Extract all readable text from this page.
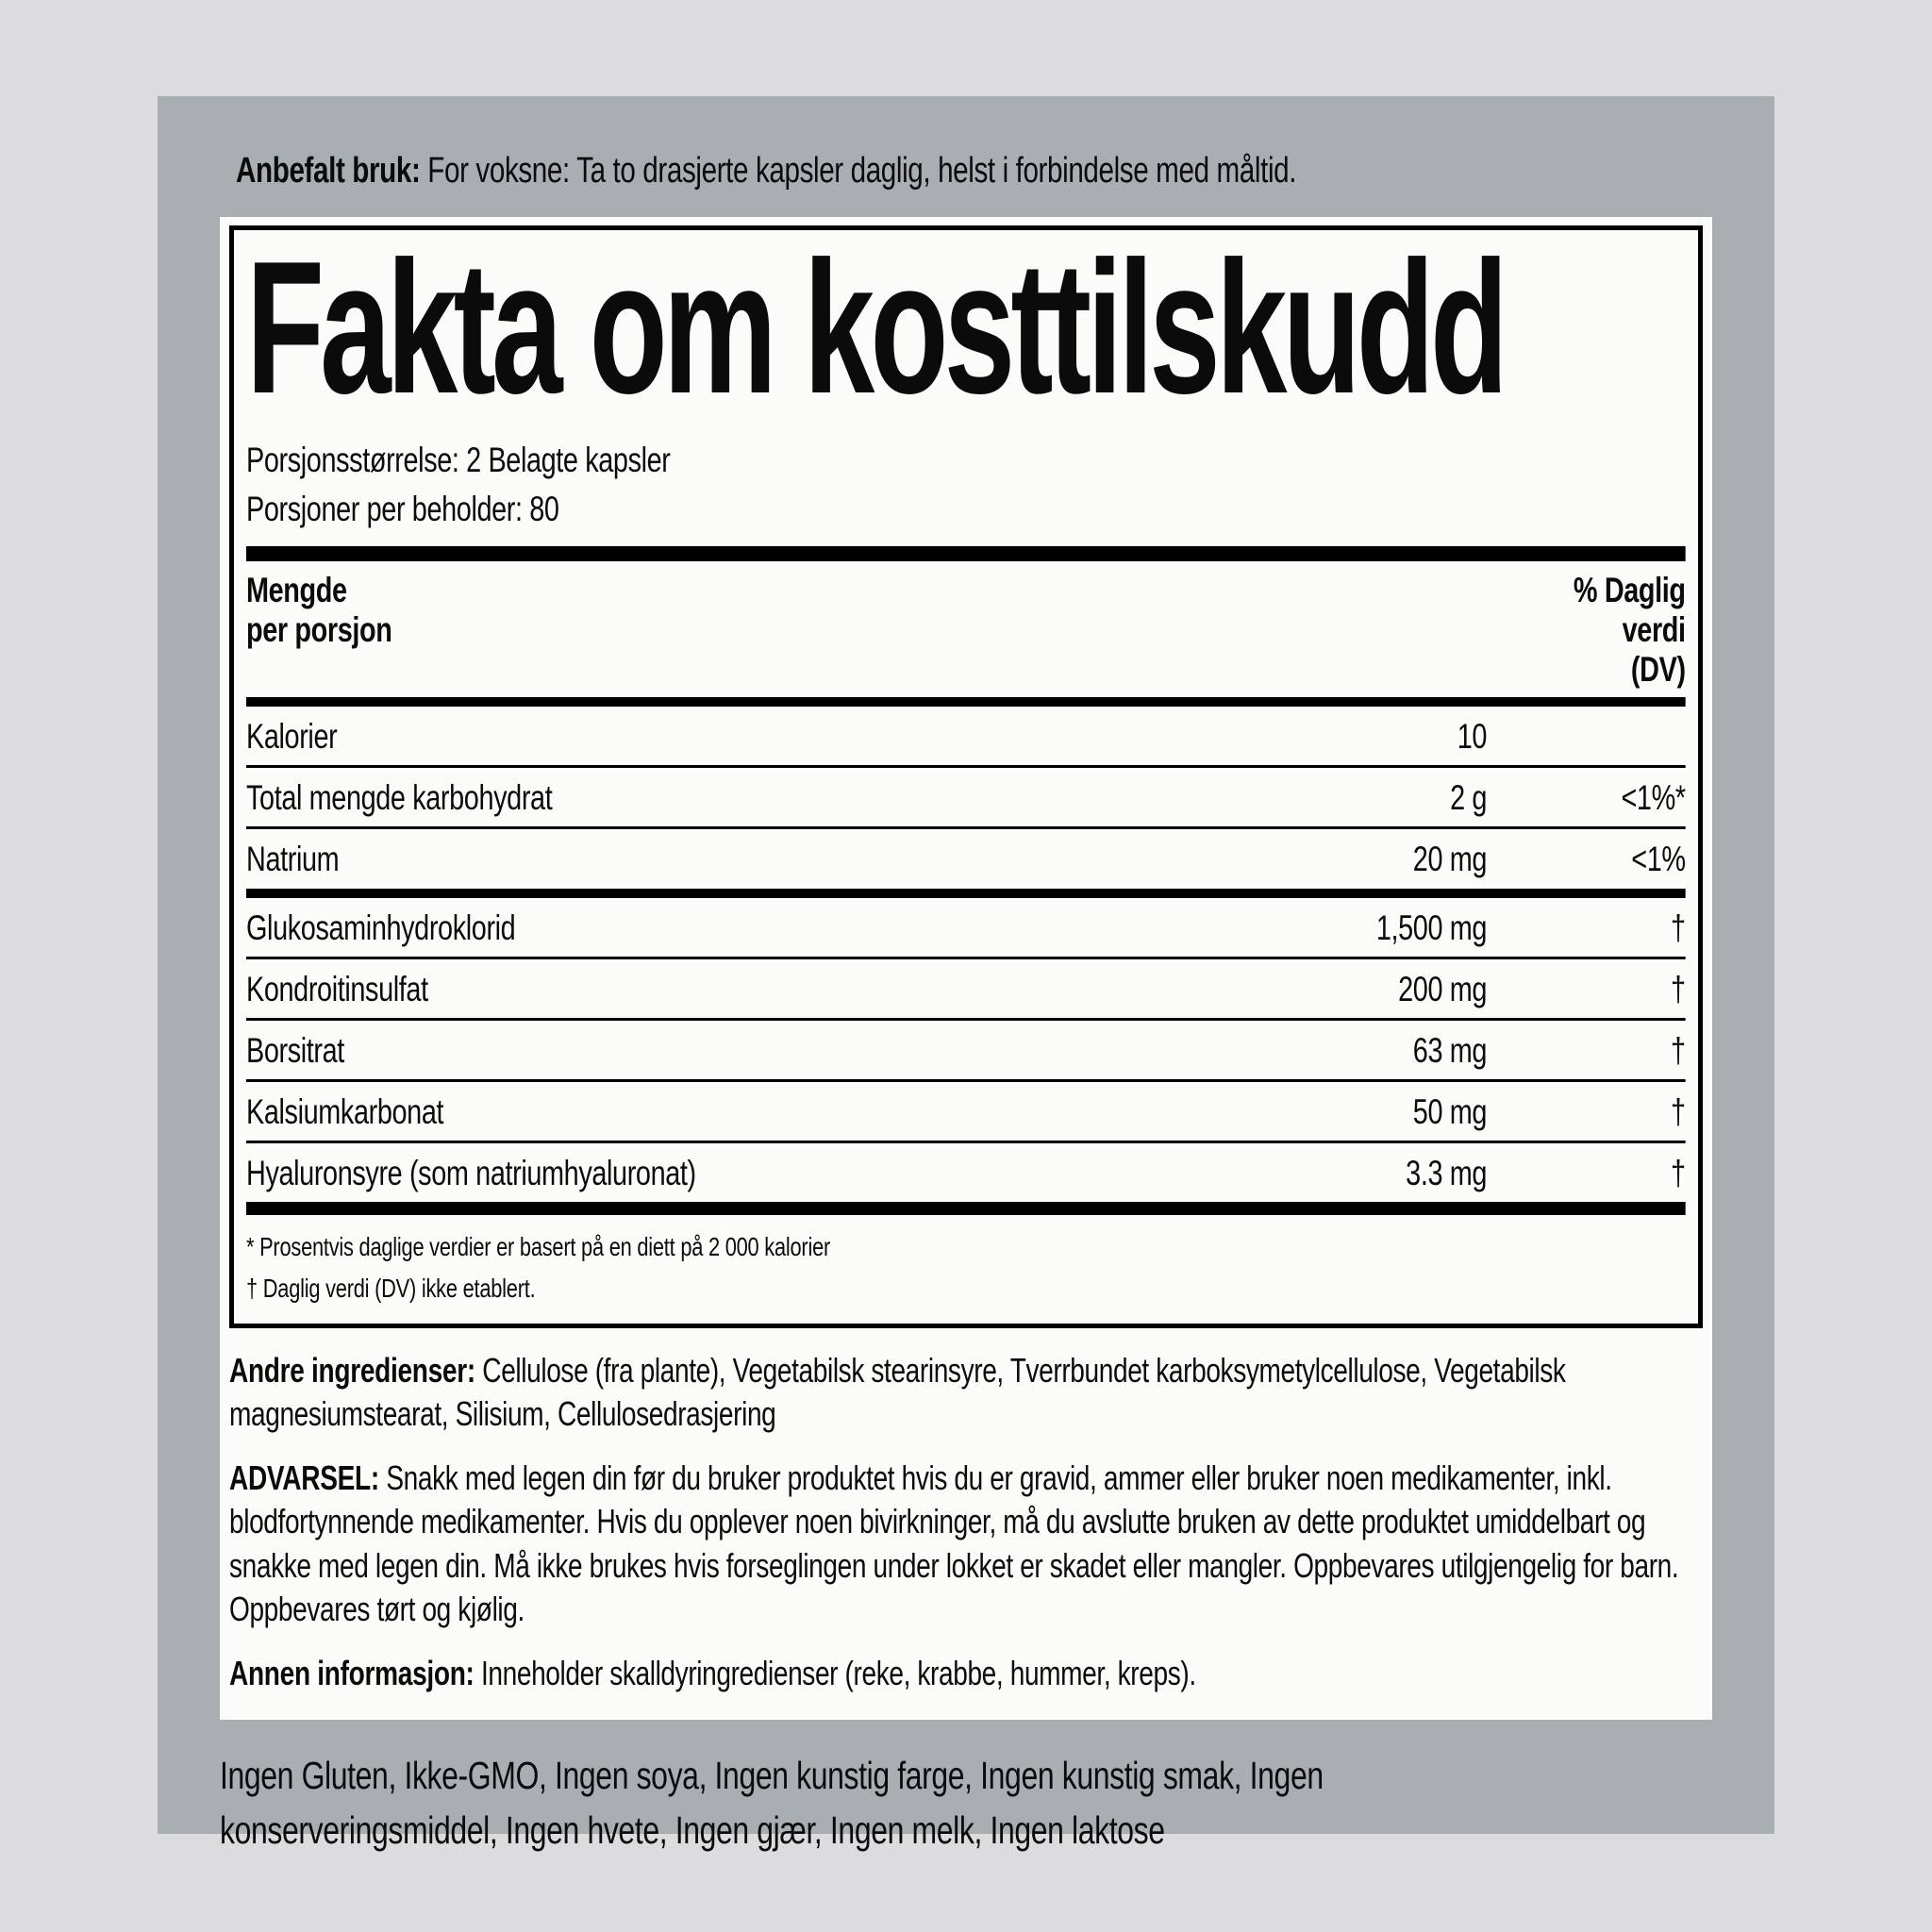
Anbefalt bruk: For voksne: Ta to drasjerte kapsler daglig, helst i forbindelse med måltid.
Fakta om kosttilskudd
Porsjonsstørrelse: 2 Belagte kapsler
Porsjoner per beholder: 80
Mengde
per porsjon
% Daglig
verdi
(DV)
Kalorier	10
Total mengde karbohydrat	2 g	<1%*
Natrium	20 mg	<1%
Glukosaminhydroklorid	1,500 mg	†
Kondroitinsulfat	200 mg	†
Borsitrat	63 mg	†
Kalsiumkarbonat	50 mg	†
Hyaluronsyre (som natriumhyaluronat)	3.3 mg	†
* Prosentvis daglige verdier er basert på en diett på 2 000 kalorier
† Daglig verdi (DV) ikke etablert.

Andre ingredienser: Cellulose (fra plante), Vegetabilsk stearinsyre, Tverrbundet karboksymetylcellulose, Vegetabilsk magnesiumstearat, Silisium, Cellulosedrasjering

ADVARSEL: Snakk med legen din før du bruker produktet hvis du er gravid, ammer eller bruker noen medikamenter, inkl. blodfortynnende medikamenter. Hvis du opplever noen bivirkninger, må du avslutte bruken av dette produktet umiddelbart og snakke med legen din. Må ikke brukes hvis forseglingen under lokket er skadet eller mangler. Oppbevares utilgjengelig for barn. Oppbevares tørt og kjølig.

Annen informasjon: Inneholder skalldyringredienser (reke, krabbe, hummer, kreps).

Ingen Gluten, Ikke-GMO, Ingen soya, Ingen kunstig farge, Ingen kunstig smak, Ingen konserveringsmiddel, Ingen hvete, Ingen gjær, Ingen melk, Ingen laktose
